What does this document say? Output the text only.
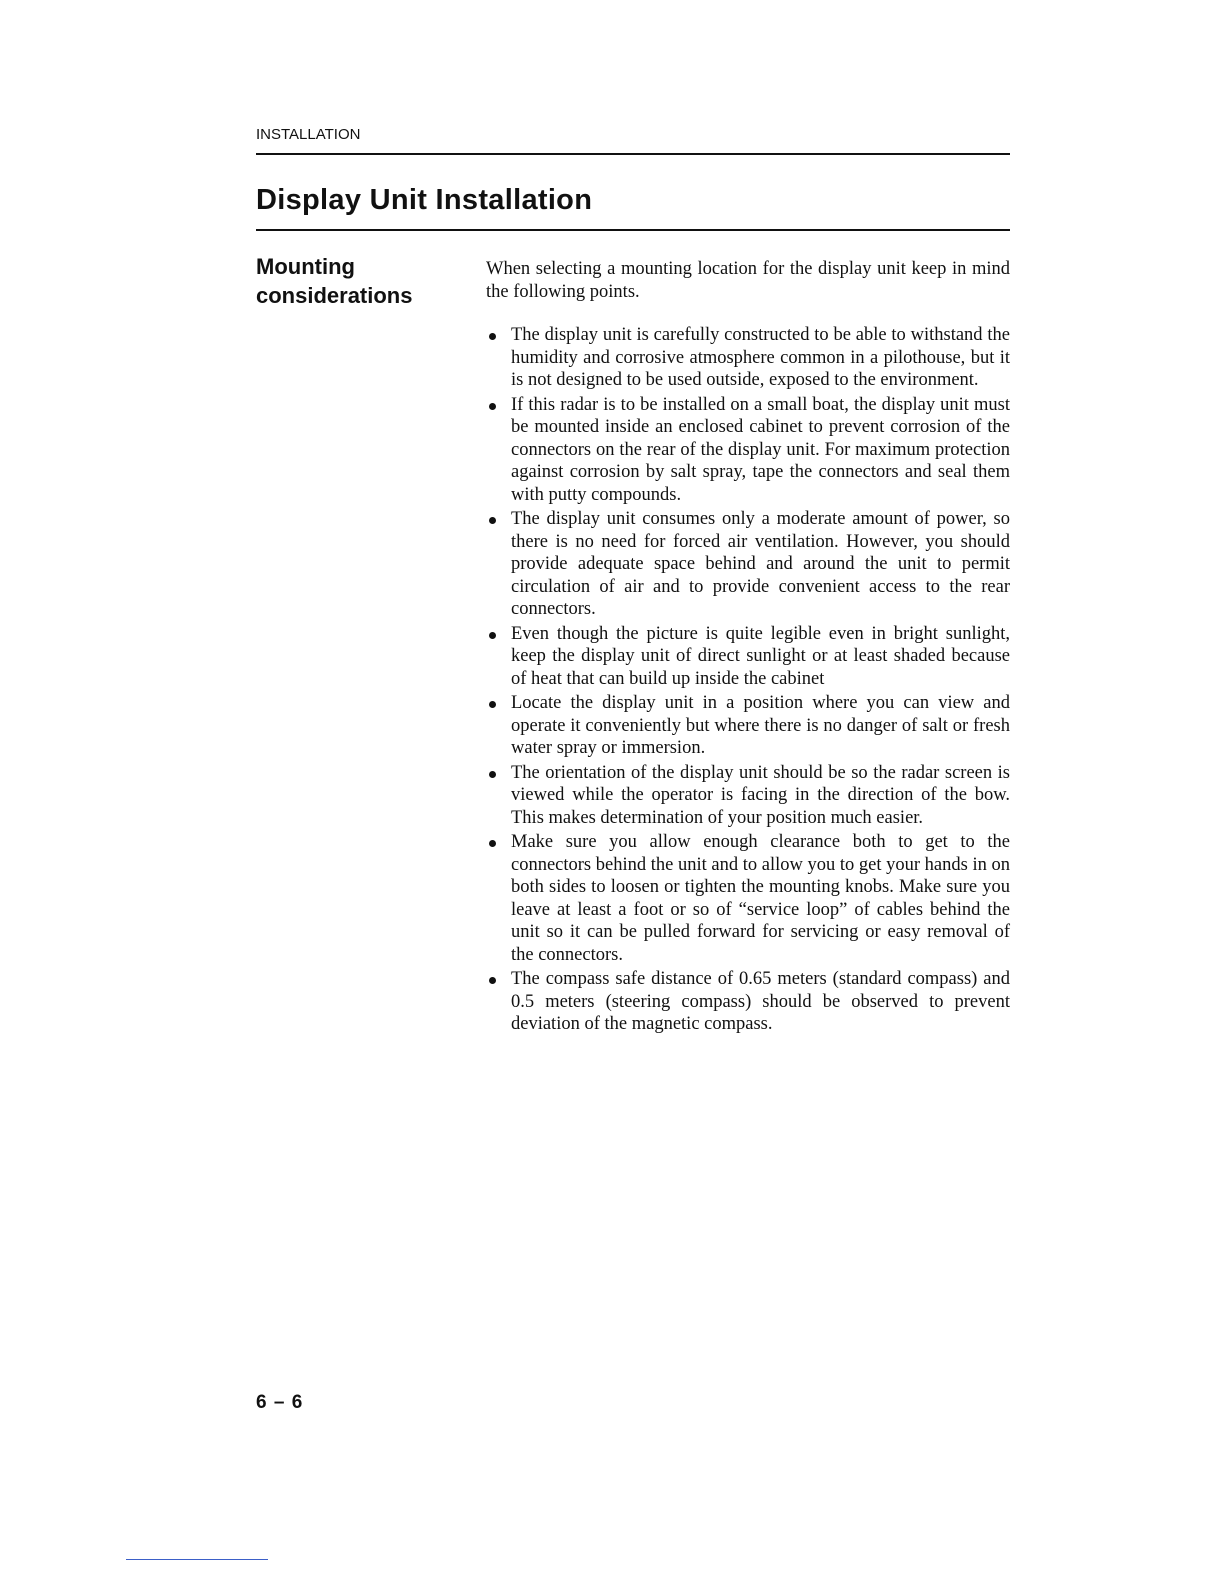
INSTALLATION
Display Unit Installation
Mounting
considerations

When selecting a mounting location for the display unit keep in mind the following points.

The display unit is carefully constructed to be able to withstand the humidity and corrosive atmosphere common in a pilothouse, but it is not designed to be used outside, exposed to the environment.
If this radar is to be installed on a small boat, the display unit must be mounted inside an enclosed cabinet to prevent corrosion of the connectors on the rear of the display unit. For maximum protection against corrosion by salt spray, tape the connectors and seal them with putty compounds.
The display unit consumes only a moderate amount of power, so there is no need for forced air ventilation. However, you should provide adequate space behind and around the unit to permit circulation of air and to provide convenient access to the rear connectors.
Even though the picture is quite legible even in bright sunlight, keep the display unit of direct sunlight or at least shaded because of heat that can build up inside the cabinet
Locate the display unit in a position where you can view and operate it conveniently but where there is no danger of salt or fresh water spray or immersion.
The orientation of the display unit should be so the radar screen is viewed while the operator is facing in the direction of the bow. This makes determination of your position much easier.
Make sure you allow enough clearance both to get to the connectors behind the unit and to allow you to get your hands in on both sides to loosen or tighten the mounting knobs. Make sure you leave at least a foot or so of “service loop” of cables behind the unit so it can be pulled forward for servicing or easy removal of the connectors.
The compass safe distance of 0.65 meters (standard compass) and 0.5 meters (steering compass) should be observed to prevent deviation of the magnetic compass.
6 – 6
